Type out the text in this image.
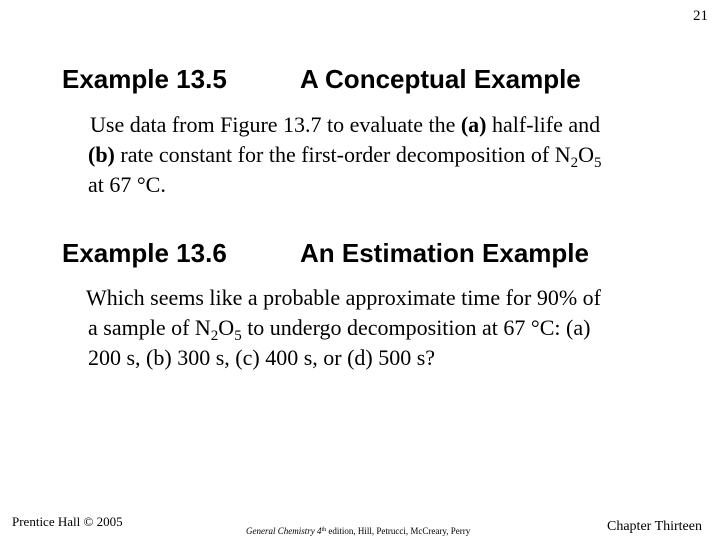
21
Example 13.5	A Conceptual Example
Use data from Figure 13.7 to evaluate the (a) half-life and
(b) rate constant for the first-order decomposition of $N_2O_5$
at 67 °C.
Example 13.6	An Estimation Example
Which seems like a probable approximate time for 90% of
a sample of $N_2O_5$ to undergo decomposition at 67 °C: (a)
200 s, (b) 300 s, (c) 400 s, or (d) 500 s?
Prentice Hall © 2005
General Chemistry 4th edition, Hill, Petrucci, McCreary, Perry	Chapter Thirteen
